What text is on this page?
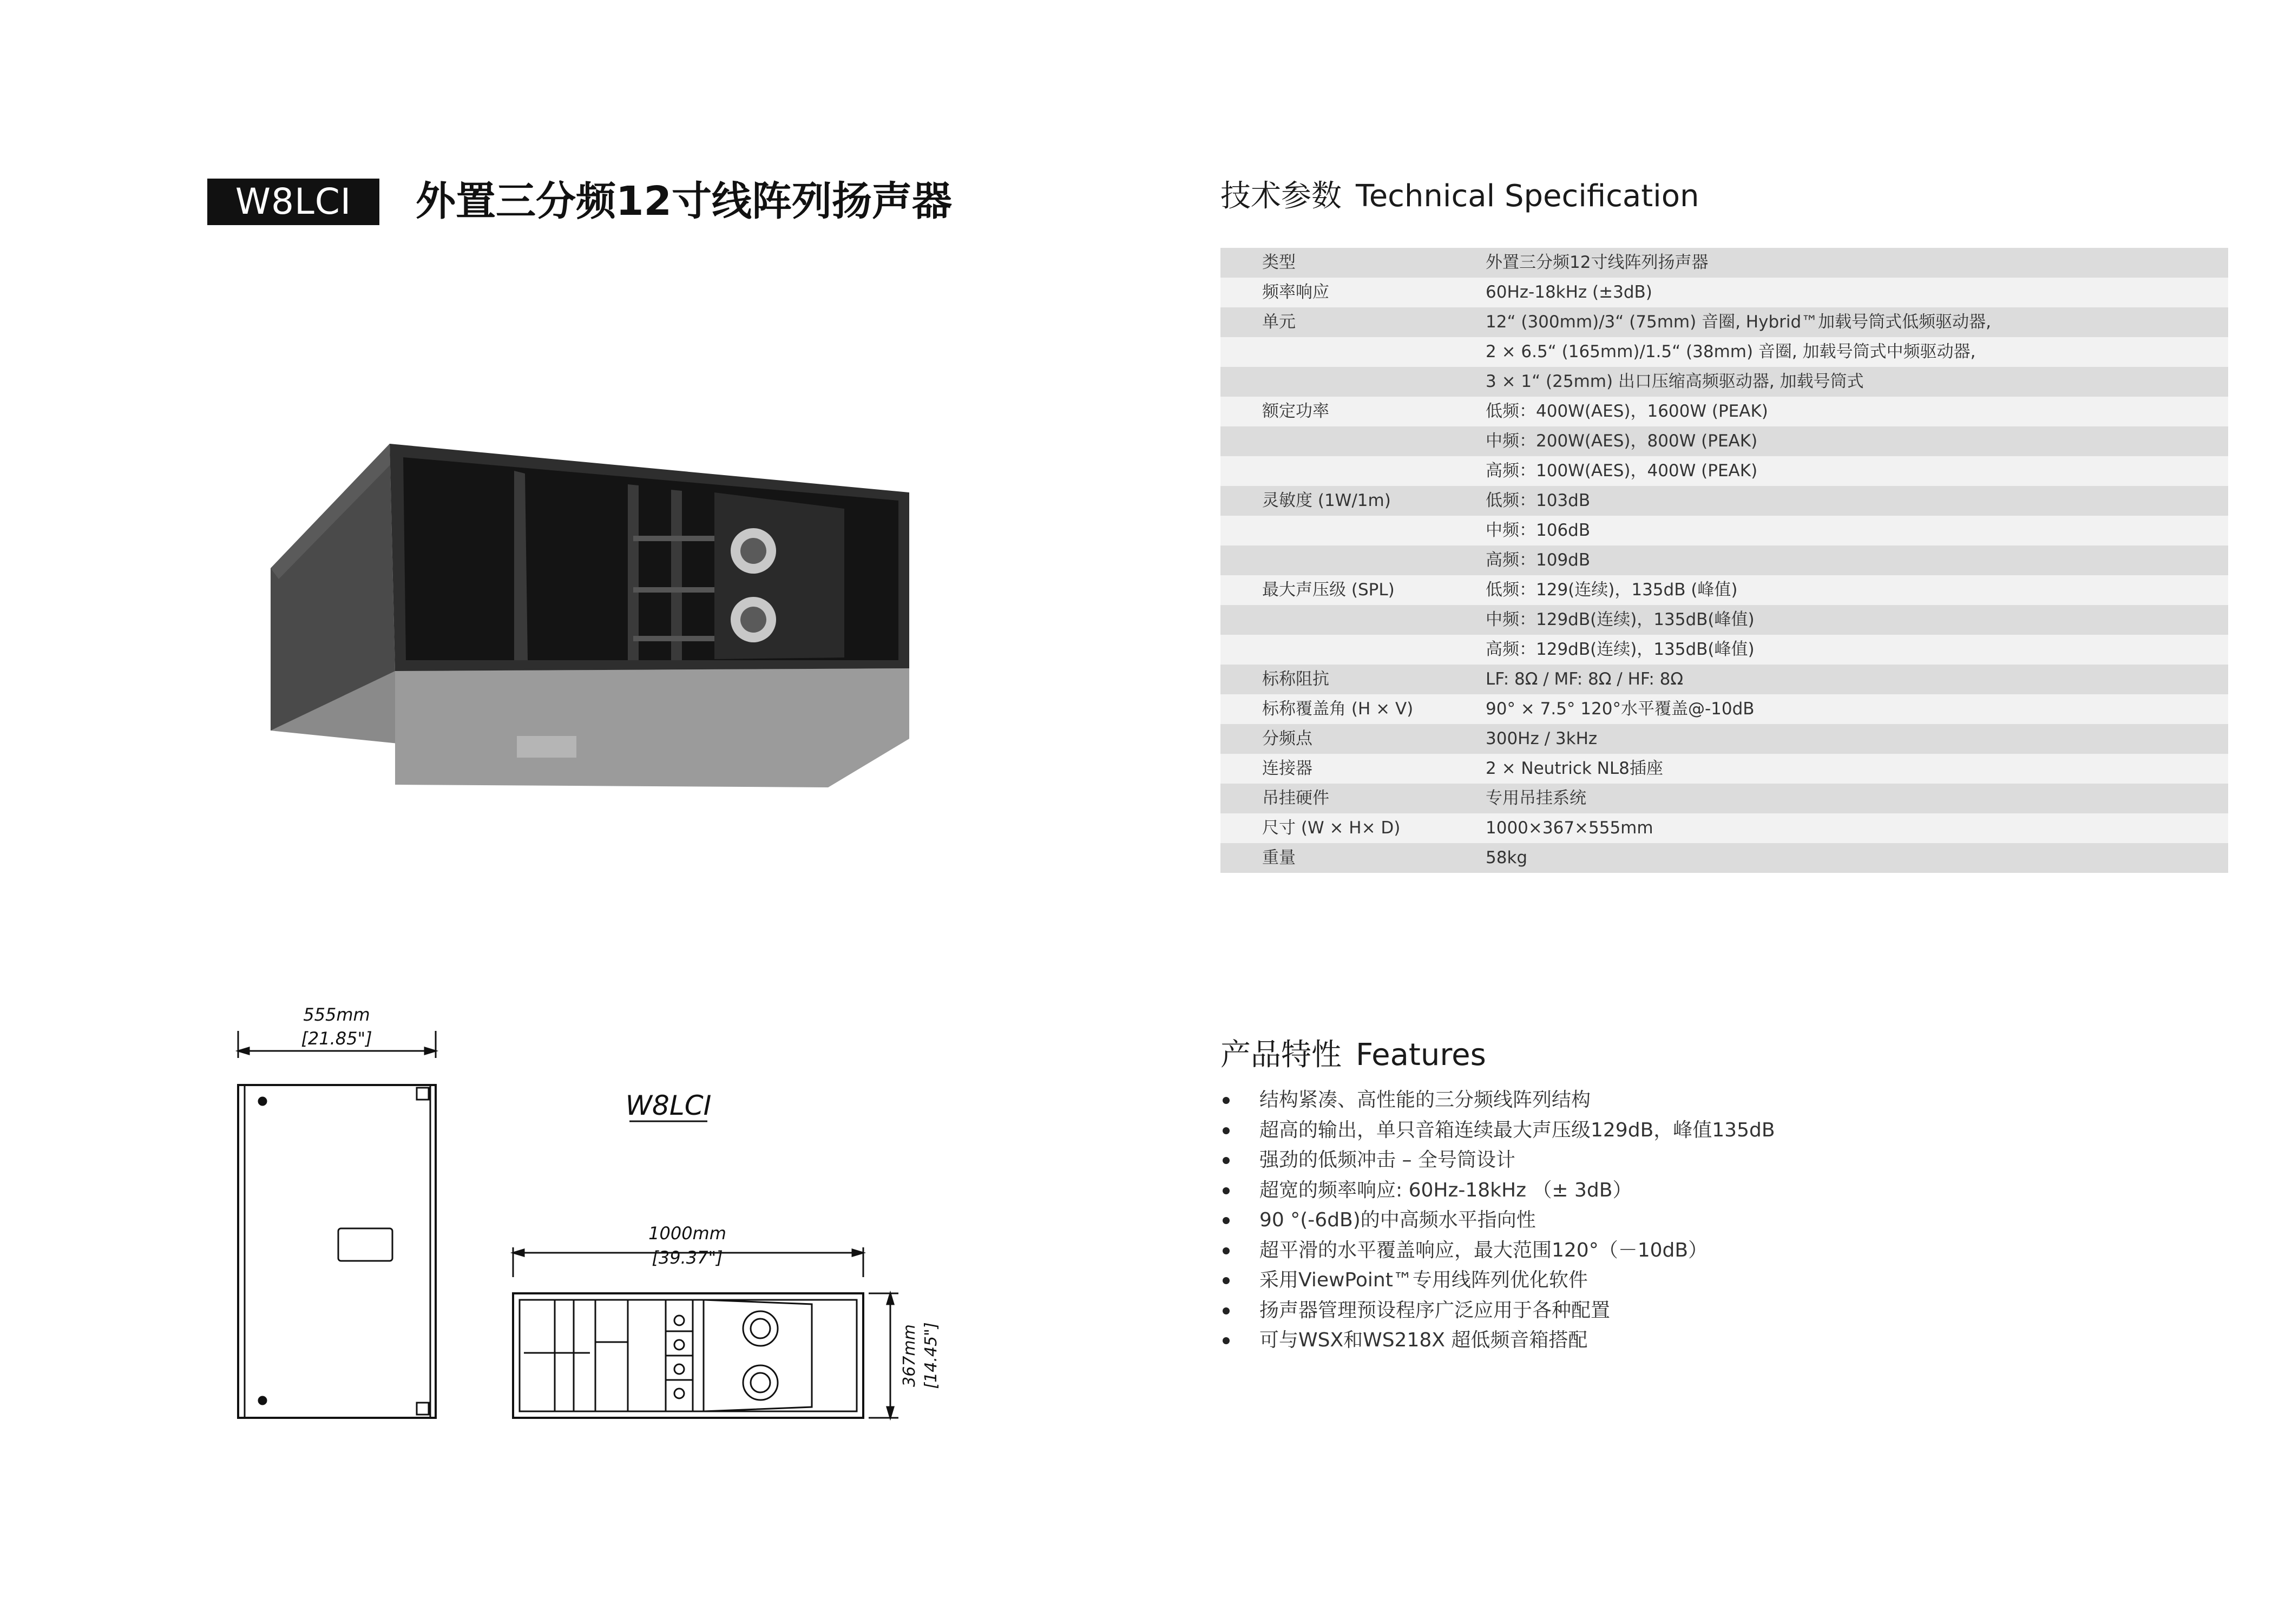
W8LCI	外置三分频12寸线阵列扬声器	技术参数 Technical Specification
类型	外置三分频12寸线阵列扬声器
频率响应	60Hz-18kHz (±3dB)
单元	12“ (300mm)/3“ (75mm) 音圈, Hybrid™加载号筒式低频驱动器,
2 × 6.5“ (165mm)/1.5“ (38mm) 音圈, 加载号筒式中频驱动器,
3 × 1“ (25mm) 出口压缩高频驱动器, 加载号筒式
额定功率	低频：400W(AES)，1600W (PEAK)
中频：200W(AES)，800W (PEAK)
高频：100W(AES)，400W (PEAK)
灵敏度 (1W/1m)	低频：103dB
中频：106dB
高频：109dB
最大声压级 (SPL)	低频：129(连续)，135dB (峰值)
中频：129dB(连续)，135dB(峰值)
高频：129dB(连续)，135dB(峰值)
标称阻抗	LF: 8Ω / MF: 8Ω / HF: 8Ω
标称覆盖角 (H × V)	90° × 7.5° 120°水平覆盖@-10dB
分频点	300Hz / 3kHz
连接器	2 × Neutrick NL8插座
吊挂硬件	专用吊挂系统
尺寸 (W × H× D)	1000×367×555mm
重量	58kg
产品特性 Features
结构紧凑、高性能的三分频线阵列结构
超高的输出，单只音箱连续最大声压级129dB，峰值135dB
强劲的低频冲击 – 全号筒设计
超宽的频率响应: 60Hz-18kHz （± 3dB）
90 °(-6dB)的中高频水平指向性
超平滑的水平覆盖响应，最大范围120°（－10dB）
采用ViewPoint™专用线阵列优化软件
扬声器管理预设程序广泛应用于各种配置
可与WSX和WS218X 超低频音箱搭配
555mm
[21.85"]
W8LCI
1000mm
[39.37"]
367mm [14.45"]
